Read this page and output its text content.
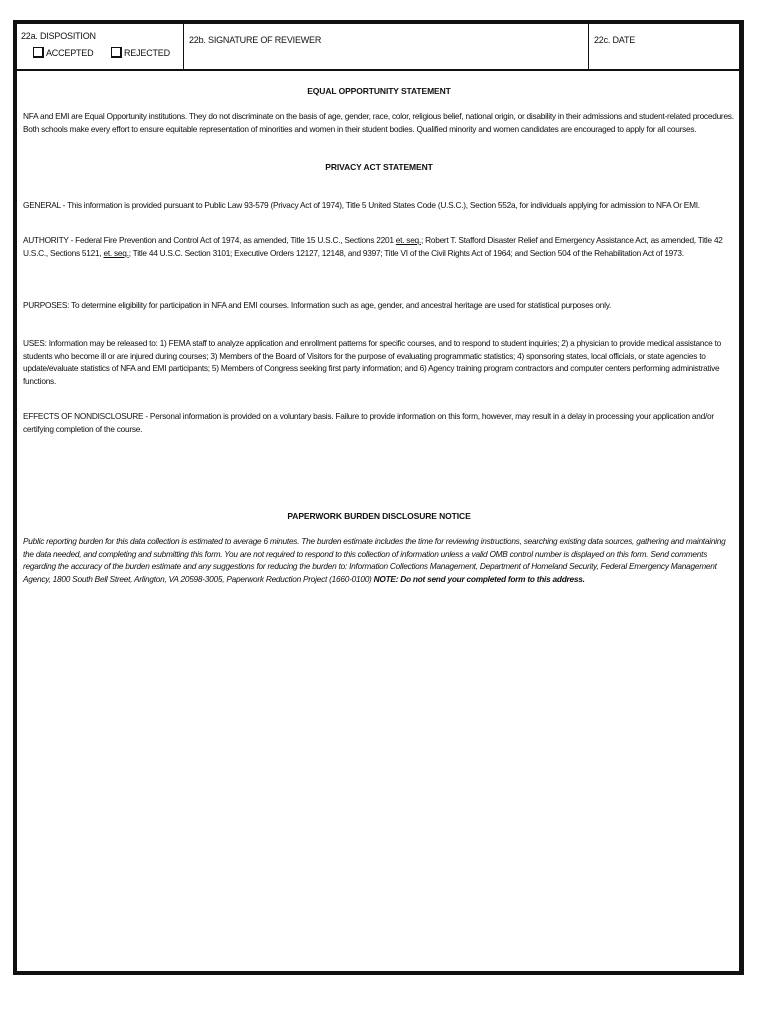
22a. DISPOSITION
ACCEPTED	REJECTED
22b. SIGNATURE OF REVIEWER	22c. DATE
EQUAL OPPORTUNITY STATEMENT
NFA and EMI are Equal Opportunity institutions. They do not discriminate on the basis of age, gender, race, color, religious belief, national origin, or disability in their admissions and student-related procedures. Both schools make every effort to ensure equitable representation of minorities and women in their student bodies. Qualified minority and women candidates are encouraged to apply for all courses.
PRIVACY ACT STATEMENT
GENERAL - This information is provided pursuant to Public Law 93-579 (Privacy Act of 1974), Title 5 United States Code (U.S.C.), Section 552a, for individuals applying for admission to NFA Or EMI.
AUTHORITY - Federal Fire Prevention and Control Act of 1974, as amended, Title 15 U.S.C., Sections 2201 et. seq.; Robert T. Stafford Disaster Relief and Emergency Assistance Act, as amended, Title 42 U.S.C., Sections 5121, et. seq.; Title 44 U.S.C. Section 3101; Executive Orders 12127, 12148, and 9397; Title VI of the Civil Rights Act of 1964; and Section 504 of the Rehabilitation Act of 1973.
PURPOSES: To determine eligibility for participation in NFA and EMI courses. Information such as age, gender, and ancestral heritage are used for statistical purposes only.
USES: Information may be released to: 1) FEMA staff to analyze application and enrollment patterns for specific courses, and to respond to student inquiries; 2) a physician to provide medical assistance to students who become ill or are injured during courses; 3) Members of the Board of Visitors for the purpose of evaluating programmatic statistics; 4) sponsoring states, local officials, or state agencies to update/evaluate statistics of NFA and EMI participants; 5) Members of Congress seeking first party information; and 6) Agency training program contractors and computer centers performing administrative functions.
EFFECTS OF NONDISCLOSURE - Personal information is provided on a voluntary basis. Failure to provide information on this form, however, may result in a delay in processing your application and/or certifying completion of the course.
PAPERWORK BURDEN DISCLOSURE NOTICE
Public reporting burden for this data collection is estimated to average 6 minutes. The burden estimate includes the time for reviewing instructions, searching existing data sources, gathering and maintaining the data needed, and completing and submitting this form. You are not required to respond to this collection of information unless a valid OMB control number is displayed on this form. Send comments regarding the accuracy of the burden estimate and any suggestions for reducing the burden to: Information Collections Management, Department of Homeland Security, Federal Emergency Management Agency, 1800 South Bell Street, Arlington, VA 20598-3005, Paperwork Reduction Project (1660-0100) NOTE: Do not send your completed form to this address.
